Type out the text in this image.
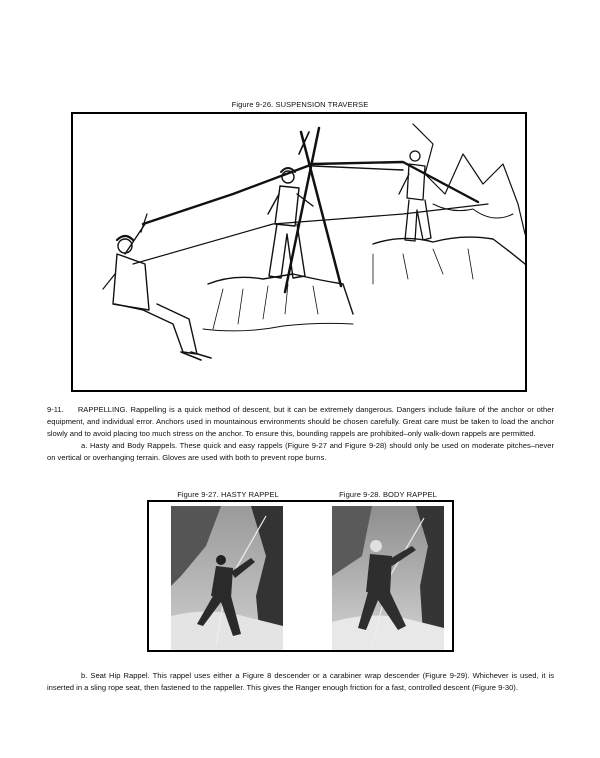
Figure 9-26. SUSPENSION TRAVERSE

9-11. RAPPELLING. Rappelling is a quick method of descent, but it can be extremely dangerous. Dangers include failure of the anchor or other equipment, and individual error. Anchors used in mountainous environments should be chosen carefully. Great care must be taken to load the anchor slowly and to avoid placing too much stress on the anchor. To ensure this, bounding rappels are prohibited–only walk-down rappels are permitted.

a. Hasty and Body Rappels. These quick and easy rappels (Figure 9-27 and Figure 9-28) should only be used on moderate pitches–never on vertical or overhanging terrain. Gloves are used with both to prevent rope burns.

Figure 9-27. HASTY RAPPEL	Figure 9-28. BODY RAPPEL

b. Seat Hip Rappel. This rappel uses either a Figure 8 descender or a carabiner wrap descender (Figure 9-29). Whichever is used, it is inserted in a sling rope seat, then fastened to the rappeller. This gives the Ranger enough friction for a fast, controlled descent (Figure 9-30).
